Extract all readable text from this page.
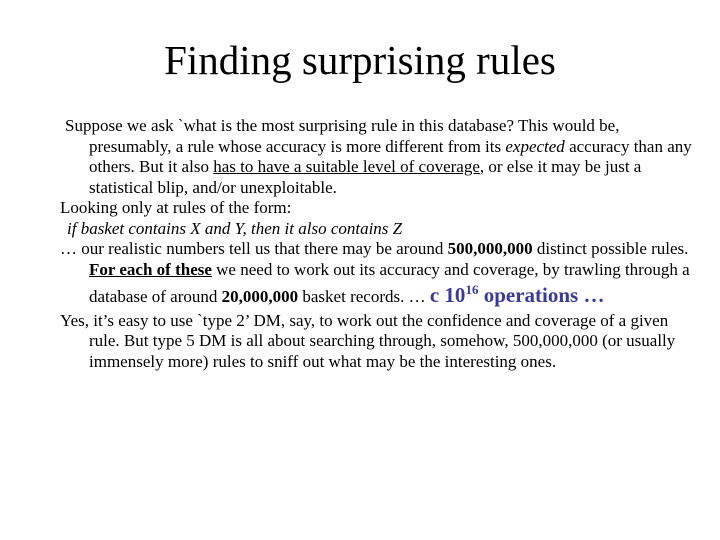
Finding surprising rules

Suppose we ask `what is the most surprising rule in this database? This would be, presumably, a rule whose accuracy is more different from its expected accuracy than any others. But it also has to have a suitable level of coverage, or else it may be just a statistical blip, and/or unexploitable.

Looking only at rules of the form:

if basket contains X and Y, then it also contains Z

… our realistic numbers tell us that there may be around 500,000,000 distinct possible rules. For each of these we need to work out its accuracy and coverage, by trawling through a database of around 20,000,000 basket records. … c $10^{16}$ operations …

Yes, it’s easy to use `type 2’ DM, say, to work out the confidence and coverage of a given rule. But type 5 DM is all about searching through, somehow, 500,000,000 (or usually immensely more) rules to sniff out what may be the interesting ones.
